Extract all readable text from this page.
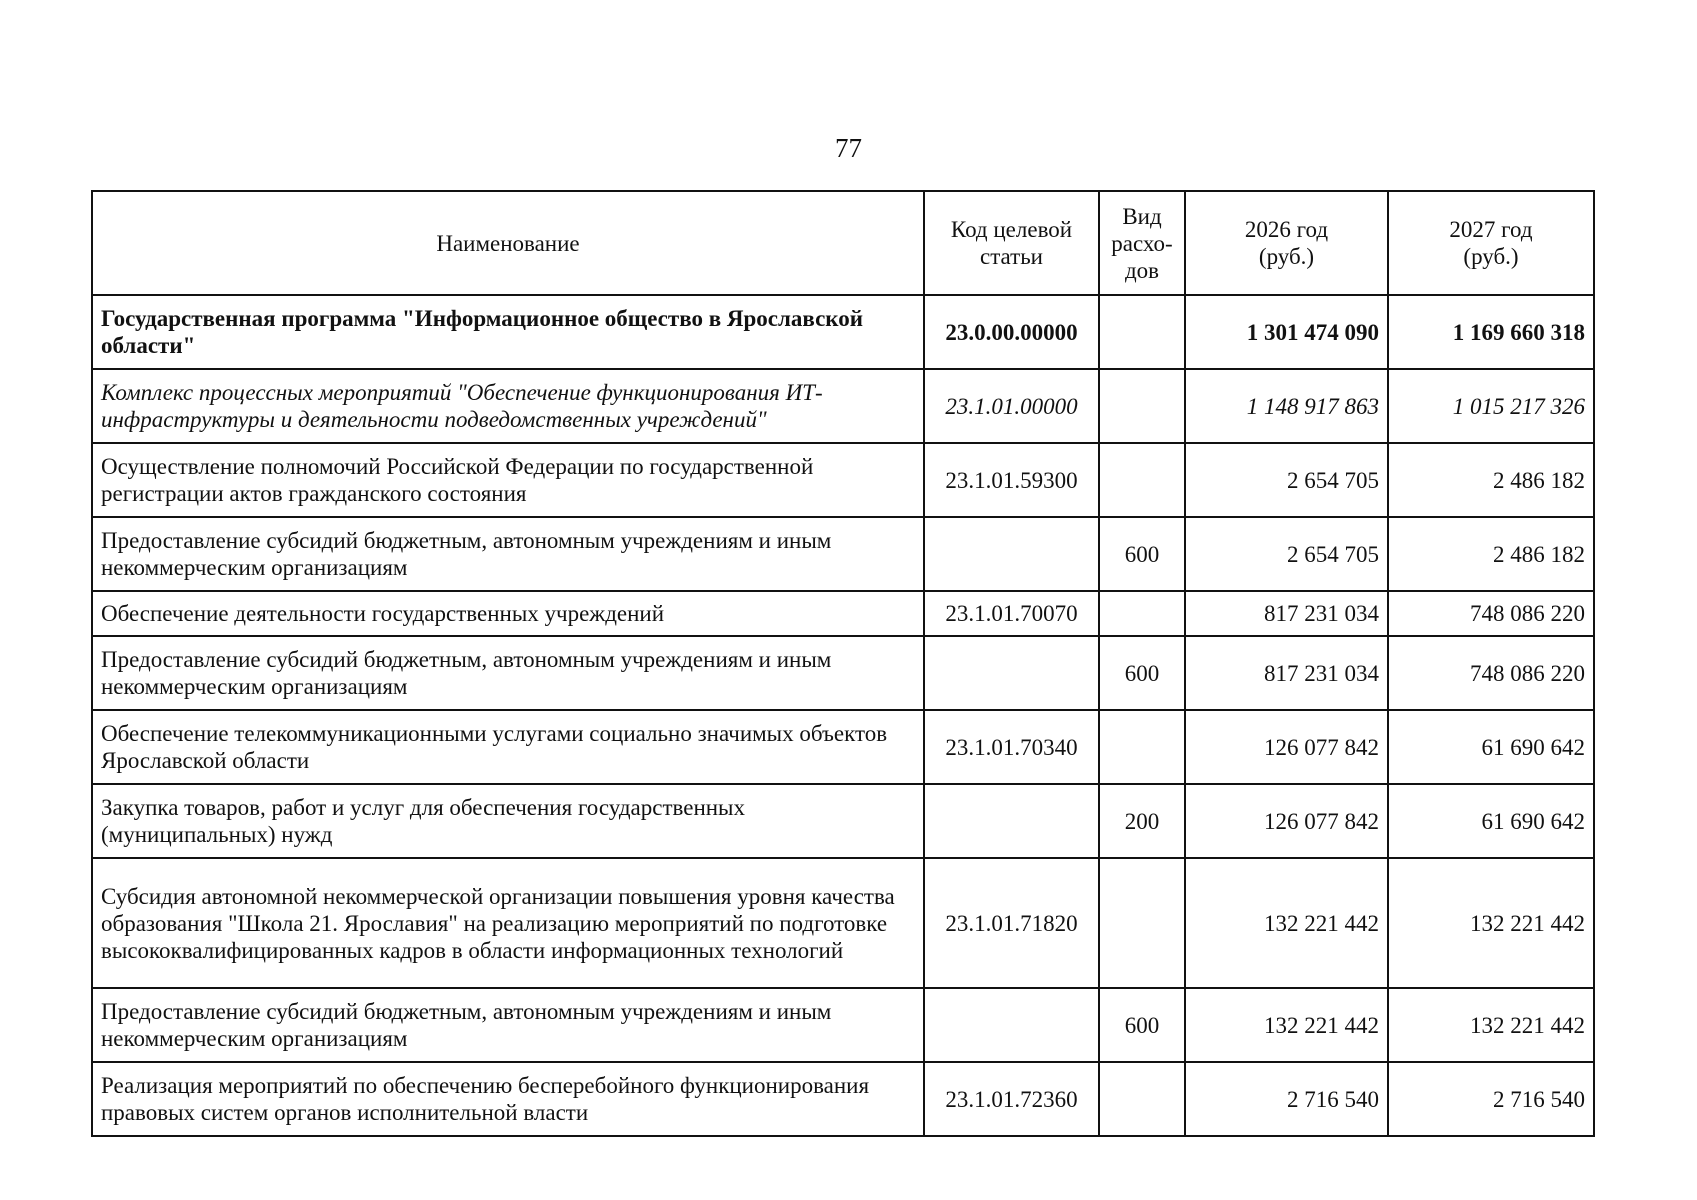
77
Наименование	Код целевой статьи	Вид расхо-дов	2026 год (руб.)	2027 год (руб.)
Государственная программа "Информационное общество в Ярославской области"	23.0.00.00000		1 301 474 090	1 169 660 318
Комплекс процессных мероприятий "Обеспечение функционирования ИТ-инфраструктуры и деятельности подведомственных учреждений"	23.1.01.00000		1 148 917 863	1 015 217 326
Осуществление полномочий Российской Федерации по государственной регистрации актов гражданского состояния	23.1.01.59300		2 654 705	2 486 182
Предоставление субсидий бюджетным, автономным учреждениям и иным некоммерческим организациям		600	2 654 705	2 486 182
Обеспечение деятельности государственных учреждений	23.1.01.70070		817 231 034	748 086 220
Предоставление субсидий бюджетным, автономным учреждениям и иным некоммерческим организациям		600	817 231 034	748 086 220
Обеспечение телекоммуникационными услугами социально значимых объектов Ярославской области	23.1.01.70340		126 077 842	61 690 642
Закупка товаров, работ и услуг для обеспечения государственных (муниципальных) нужд		200	126 077 842	61 690 642
Субсидия автономной некоммерческой организации повышения уровня качества образования "Школа 21. Ярославия" на реализацию мероприятий по подготовке высококвалифицированных кадров в области информационных технологий	23.1.01.71820		132 221 442	132 221 442
Предоставление субсидий бюджетным, автономным учреждениям и иным некоммерческим организациям		600	132 221 442	132 221 442
Реализация мероприятий по обеспечению бесперебойного функционирования правовых систем органов исполнительной власти	23.1.01.72360		2 716 540	2 716 540
